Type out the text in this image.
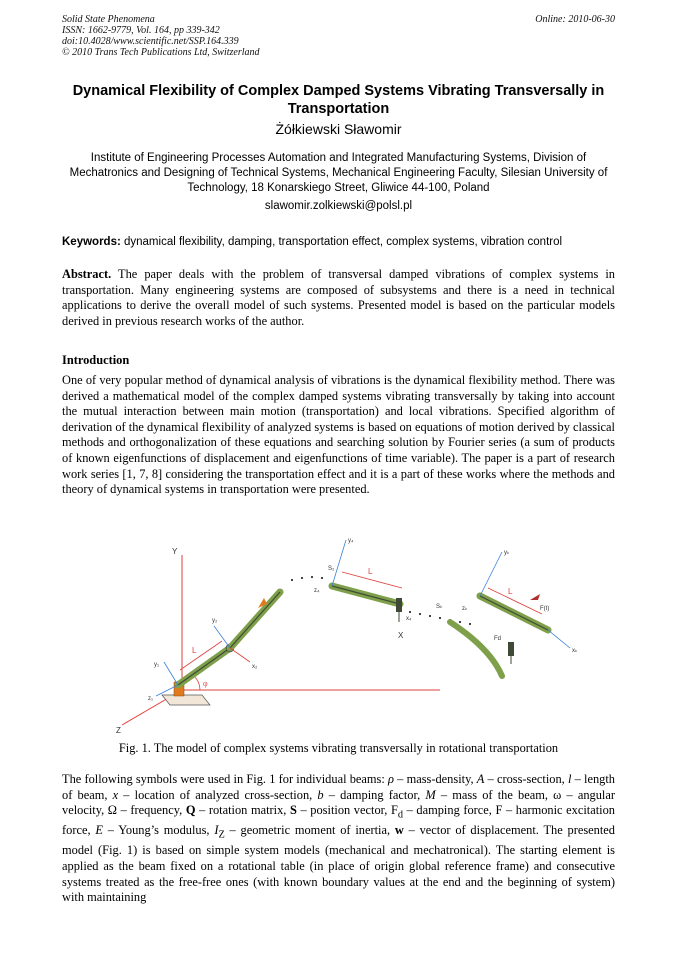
Solid State Phenomena
ISSN: 1662-9779, Vol. 164, pp 339-342
doi:10.4028/www.scientific.net/SSP.164.339
© 2010 Trans Tech Publications Ltd, Switzerland
Online: 2010-06-30
Dynamical Flexibility of Complex Damped Systems Vibrating Transversally in Transportation
Żółkiewski Sławomir
Institute of Engineering Processes Automation and Integrated Manufacturing Systems, Division of Mechatronics and Designing of Technical Systems, Mechanical Engineering Faculty, Silesian University of Technology, 18 Konarskiego Street, Gliwice 44-100, Poland
slawomir.zolkiewski@polsl.pl
Keywords: dynamical flexibility, damping, transportation effect, complex systems, vibration control

Abstract. The paper deals with the problem of transversal damped vibrations of complex systems in transportation. Many engineering systems are composed of subsystems and there is a need in technical applications to derive the overall model of such systems. Presented model is based on the particular models derived in previous research works of the author.

Introduction

One of very popular method of dynamical analysis of vibrations is the dynamical flexibility method. There was derived a mathematical model of the complex damped systems vibrating transversally by taking into account the mutual interaction between main motion (transportation) and local vibrations. Specified algorithm of derivation of the dynamical flexibility of analyzed systems is based on equations of motion derived by classical methods and orthogonalization of these equations and searching solution by Fourier series (a sum of products of known eigenfunctions of displacement and eigenfunctions of time variable). The paper is a part of research work series [1, 7, 8] considering the transportation effect and it is a part of these works where the methods and theory of dynamical systems in transportation were presented.

Y
Z
X
φ
L
y₁
z₁
y₂
x₂
L
y₄
z₄
x₄
L
yₖ
xₖ
zₖ	F(t)
Fd
S₂
Sₖ
Fig. 1. The model of complex systems vibrating transversally in rotational transportation

The following symbols were used in Fig. 1 for individual beams: ρ – mass-density, A – cross-section, l – length of beam, x – location of analyzed cross-section, b – damping factor, M – mass of the beam, ω – angular velocity, Ω – frequency, Q – rotation matrix, S – position vector, $F_d$ – damping force, F – harmonic excitation force, E – Young’s modulus, $I_Z$ – geometric moment of inertia, w – vector of displacement. The presented model (Fig. 1) is based on simple system models (mechanical and mechatronical). The starting element is applied as the beam fixed on a rotational table (in place of origin global reference frame) and consecutive systems treated as the free-free ones (with known boundary values at the end and the beginning of system) with maintaining
